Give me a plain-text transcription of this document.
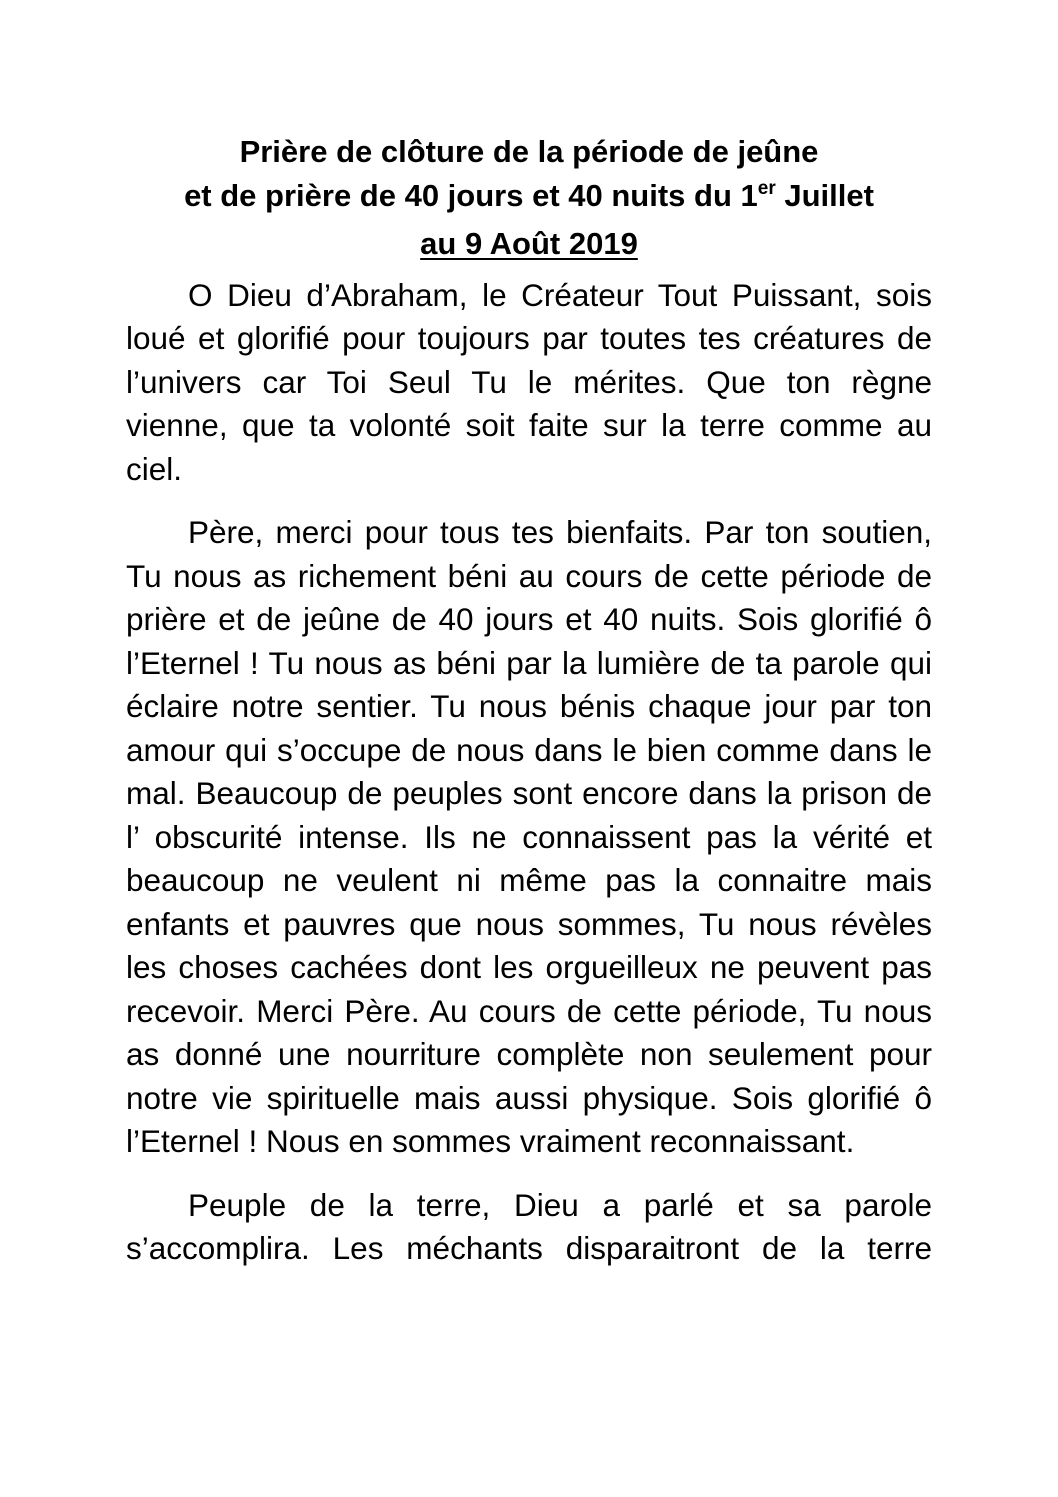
Prière de clôture de la période de jeûne
et de prière de 40 jours et 40 nuits du 1er Juillet
au 9 Août 2019

O Dieu d’Abraham, le Créateur Tout Puissant, sois loué et glorifié pour toujours par toutes tes créatures de l’univers car Toi Seul Tu le mérites. Que ton règne vienne, que ta volonté soit faite sur la terre comme au ciel.

Père, merci pour tous tes bienfaits. Par ton soutien, Tu nous as richement béni au cours de cette période de prière et de jeûne de 40 jours et 40 nuits. Sois glorifié ô l’Eternel ! Tu nous as béni par la lumière de ta parole qui éclaire notre sentier. Tu nous bénis chaque jour par ton amour qui s’occupe de nous dans le bien comme dans le mal. Beaucoup de peuples sont encore dans la prison de l’ obscurité intense. Ils ne connaissent pas la vérité et beaucoup ne veulent ni même pas la connaitre mais enfants et pauvres que nous sommes, Tu nous révèles les choses cachées dont les orgueilleux ne peuvent pas recevoir. Merci Père. Au cours de cette période, Tu nous as donné une nourriture complète non seulement pour notre vie spirituelle mais aussi physique. Sois glorifié ô l’Eternel ! Nous en sommes vraiment reconnaissant.

Peuple de la terre, Dieu a parlé et sa parole s’accomplira. Les méchants disparaitront de la terre
